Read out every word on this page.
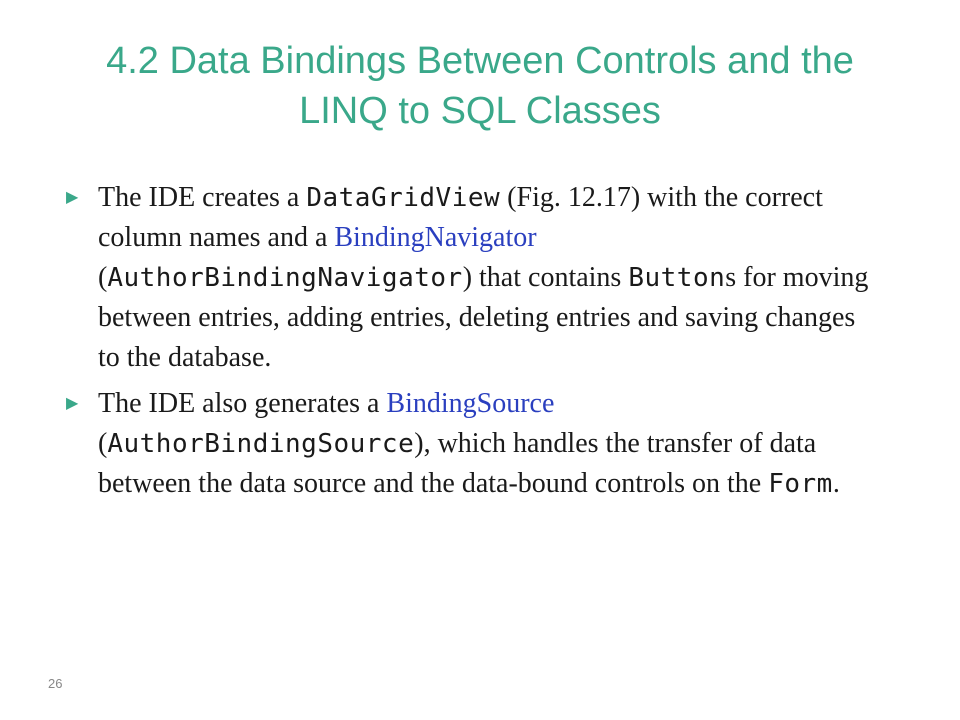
4.2 Data Bindings Between Controls and the
LINQ to SQL Classes
▶ The IDE creates a DataGridView (Fig. 12.17) with the correct column names and a BindingNavigator (AuthorBindingNavigator) that contains Buttons for moving between entries, adding entries, deleting entries and saving changes to the database.
▶ The IDE also generates a BindingSource (AuthorBindingSource), which handles the transfer of data between the data source and the data-bound controls on the Form.
26
